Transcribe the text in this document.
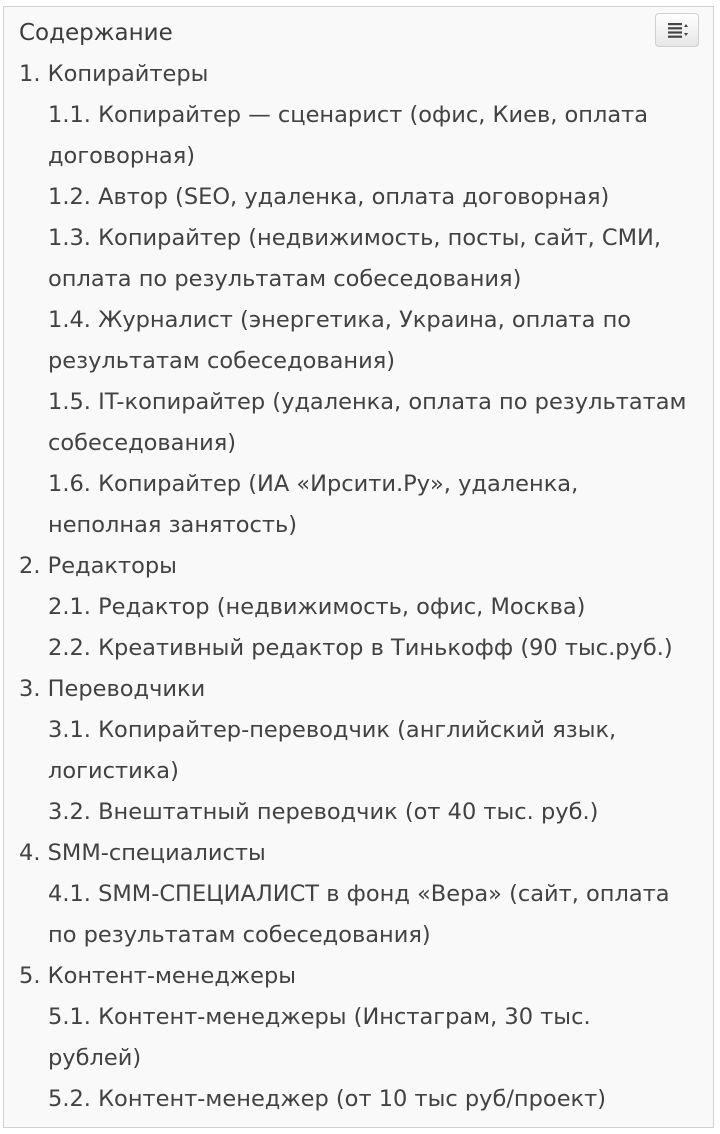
Содержание
1. Копирайтеры
1.1. Копирайтер — сценарист (офис, Киев, оплата договорная)
1.2. Автор (SEO, удаленка, оплата договорная)
1.3. Копирайтер (недвижимость, посты, сайт, СМИ, оплата по результатам собеседования)
1.4. Журналист (энергетика, Украина, оплата по результатам собеседования)
1.5. IT-копирайтер (удаленка, оплата по результатам собеседования)
1.6. Копирайтер (ИА «Ирсити.Ру», удаленка, неполная занятость)
2. Редакторы
2.1. Редактор (недвижимость, офис, Москва)
2.2. Креативный редактор в Тинькофф (90 тыс.руб.)
3. Переводчики
3.1. Копирайтер-переводчик (английский язык, логистика)
3.2. Внештатный переводчик (от 40 тыс. руб.)
4. SMM-специалисты
4.1. SMM-СПЕЦИАЛИСТ в фонд «Вера» (сайт, оплата по результатам собеседования)
5. Контент-менеджеры
5.1. Контент-менеджеры (Инстаграм, 30 тыс. рублей)
5.2. Контент-менеджер (от 10 тыс руб/проект)
